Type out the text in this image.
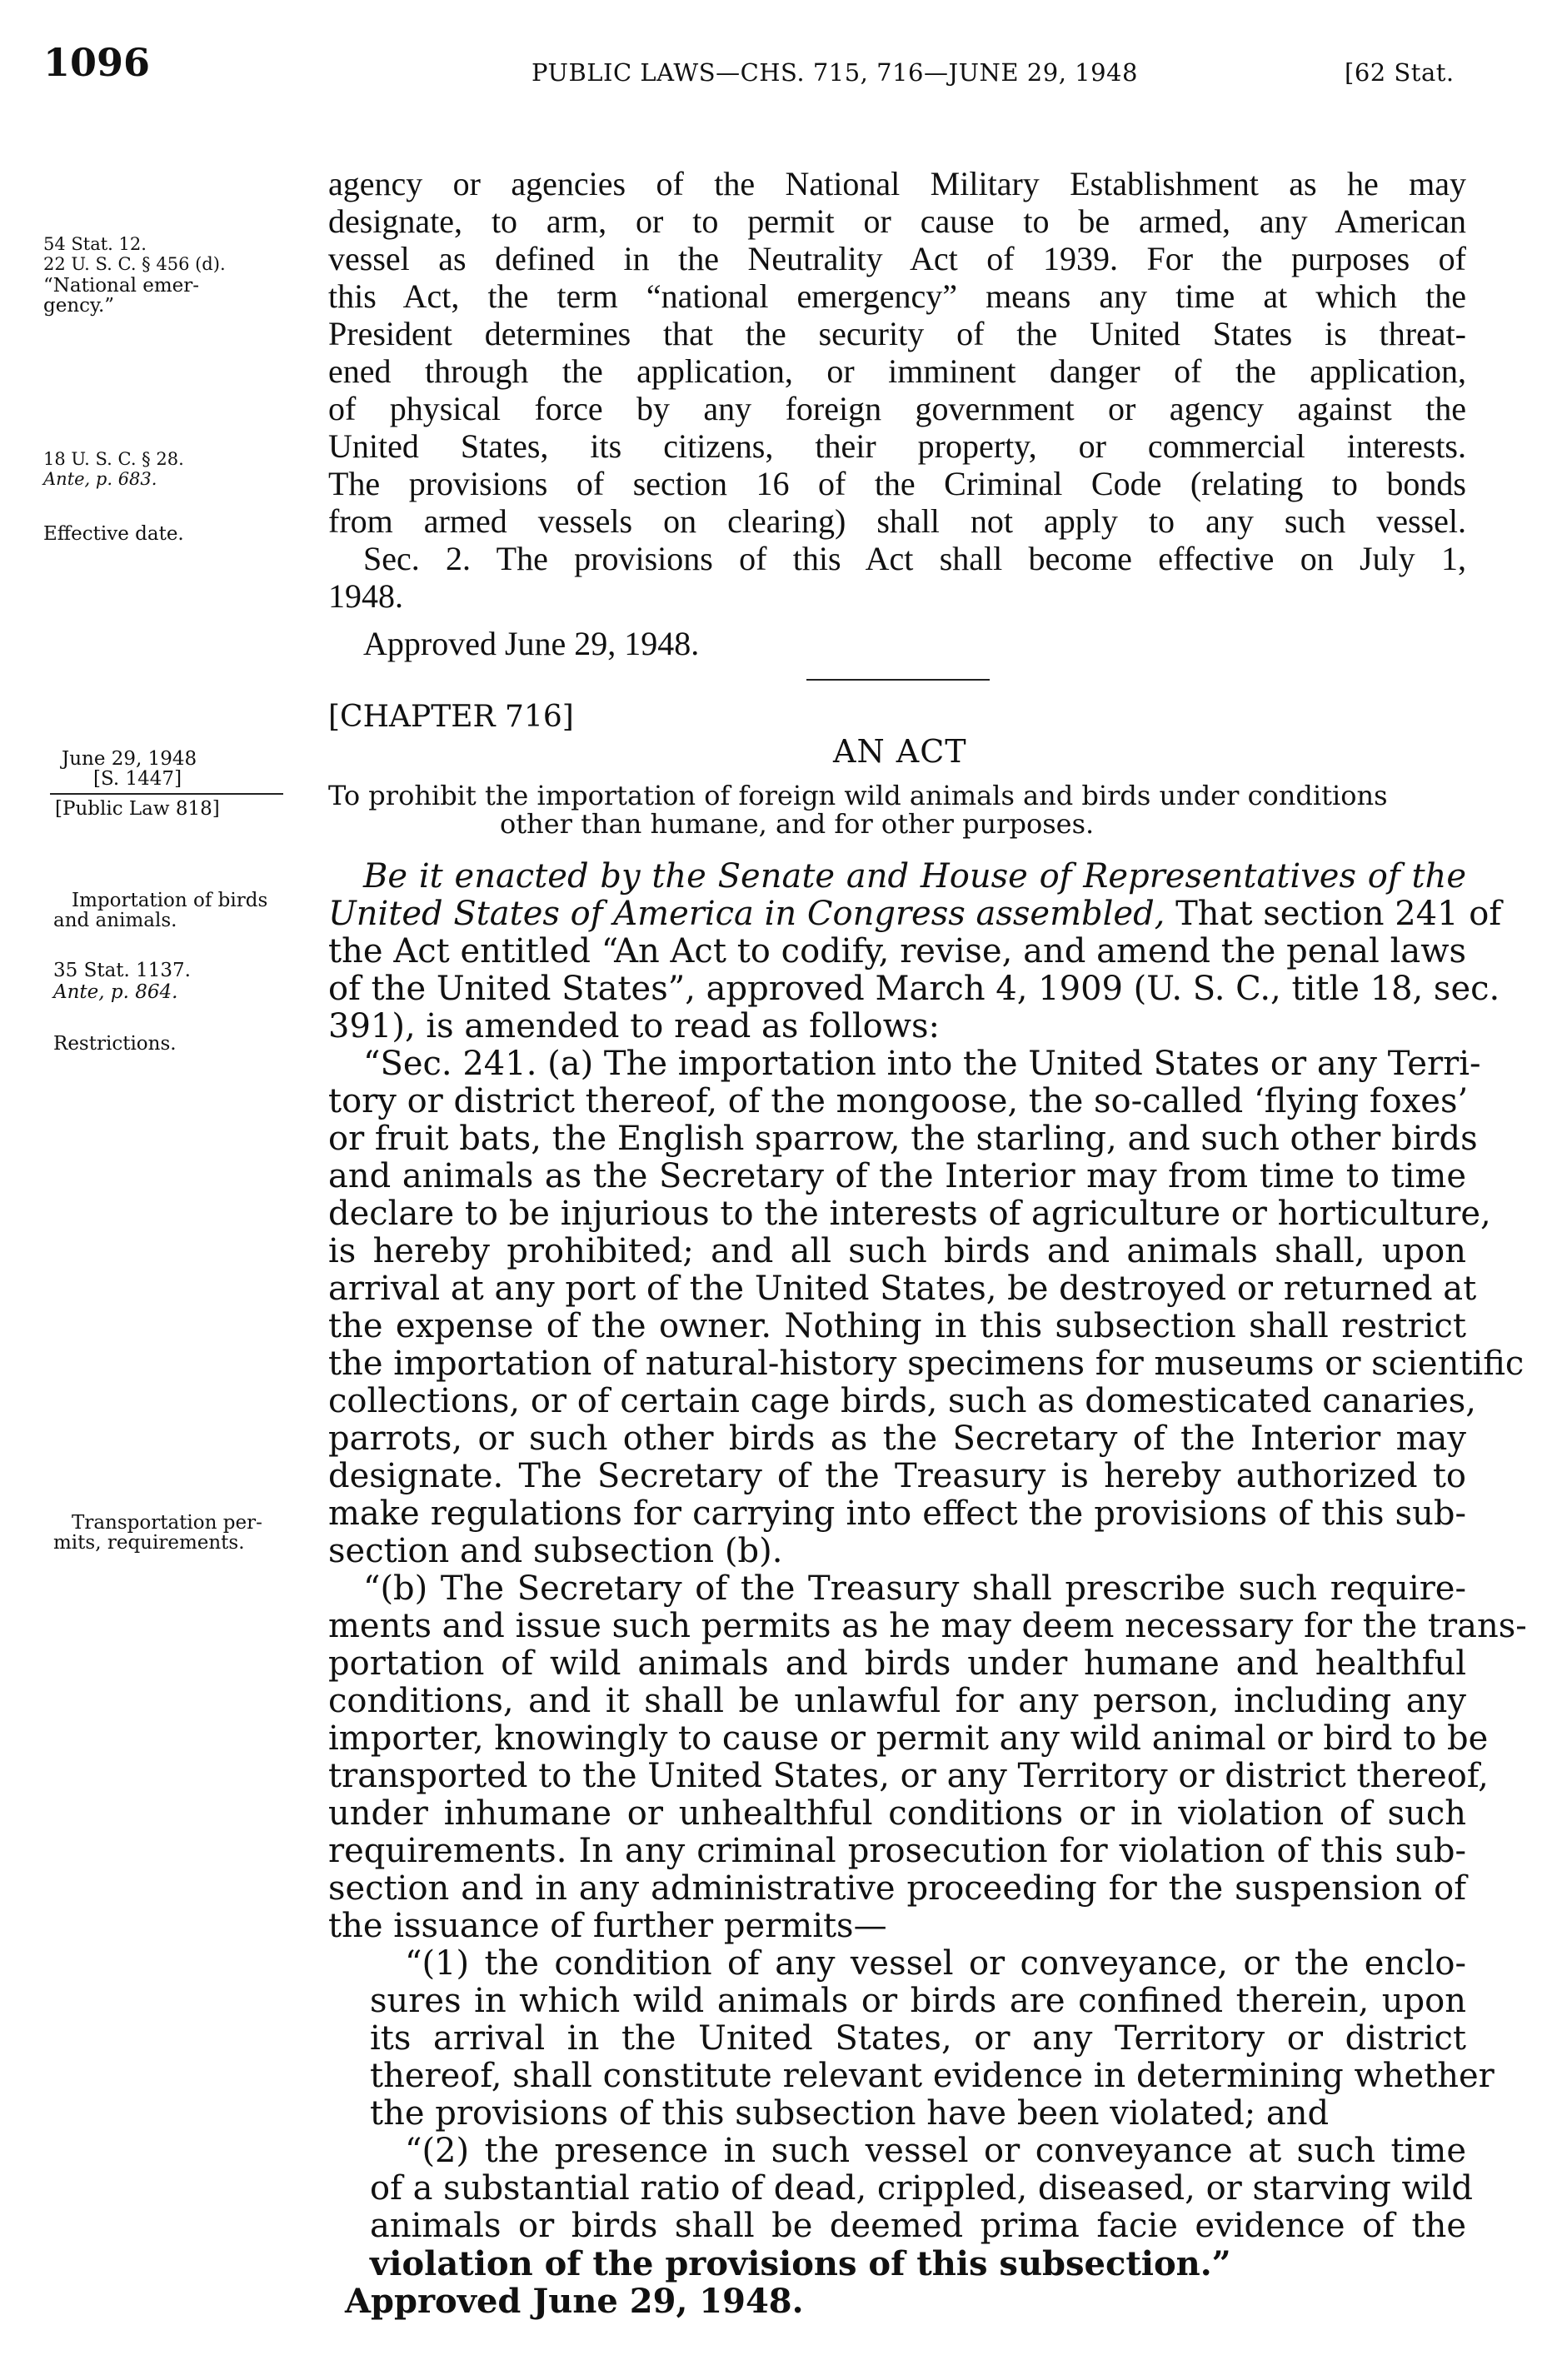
1096	PUBLIC LAWS—CHS. 715, 716—JUNE 29, 1948	[62 Stat.
54 Stat. 12.
22 U. S. C. § 456 (d).
“National emer-
gency.”
18 U. S. C. § 28.
Ante, p. 683.
Effective date.
June 29, 1948
[S. 1447]
[Public Law 818]
Importation of birds
and animals.
35 Stat. 1137.
Ante, p. 864.
Restrictions.
Transportation per-
mits, requirements.
agency or agencies of the National Military Establishment as he may
designate, to arm, or to permit or cause to be armed, any American
vessel as defined in the Neutrality Act of 1939. For the purposes of
this Act, the term “national emergency” means any time at which the
President determines that the security of the United States is threat-
ened through the application, or imminent danger of the application,
of physical force by any foreign government or agency against the
United States, its citizens, their property, or commercial interests.
The provisions of section 16 of the Criminal Code (relating to bonds
from armed vessels on clearing) shall not apply to any such vessel.
Sec. 2. The provisions of this Act shall become effective on July 1,
1948.
Approved June 29, 1948.
[CHAPTER 716]
AN ACT
To prohibit the importation of foreign wild animals and birds under conditions
other than humane, and for other purposes.
Be it enacted by the Senate and House of Representatives of the
United States of America in Congress assembled, That section 241 of
the Act entitled “An Act to codify, revise, and amend the penal laws
of the United States”, approved March 4, 1909 (U. S. C., title 18, sec.
391), is amended to read as follows:
“Sec. 241. (a) The importation into the United States or any Terri-
tory or district thereof, of the mongoose, the so-called ‘flying foxes’
or fruit bats, the English sparrow, the starling, and such other birds
and animals as the Secretary of the Interior may from time to time
declare to be injurious to the interests of agriculture or horticulture,
is hereby prohibited; and all such birds and animals shall, upon
arrival at any port of the United States, be destroyed or returned at
the expense of the owner. Nothing in this subsection shall restrict
the importation of natural-history specimens for museums or scientific
collections, or of certain cage birds, such as domesticated canaries,
parrots, or such other birds as the Secretary of the Interior may
designate. The Secretary of the Treasury is hereby authorized to
make regulations for carrying into effect the provisions of this sub-
section and subsection (b).
“(b) The Secretary of the Treasury shall prescribe such require-
ments and issue such permits as he may deem necessary for the trans-
portation of wild animals and birds under humane and healthful
conditions, and it shall be unlawful for any person, including any
importer, knowingly to cause or permit any wild animal or bird to be
transported to the United States, or any Territory or district thereof,
under inhumane or unhealthful conditions or in violation of such
requirements. In any criminal prosecution for violation of this sub-
section and in any administrative proceeding for the suspension of
the issuance of further permits—
“(1) the condition of any vessel or conveyance, or the enclo-
sures in which wild animals or birds are confined therein, upon
its arrival in the United States, or any Territory or district
thereof, shall constitute relevant evidence in determining whether
the provisions of this subsection have been violated; and
“(2) the presence in such vessel or conveyance at such time
of a substantial ratio of dead, crippled, diseased, or starving wild
animals or birds shall be deemed prima facie evidence of the
violation of the provisions of this subsection.”
Approved June 29, 1948.
